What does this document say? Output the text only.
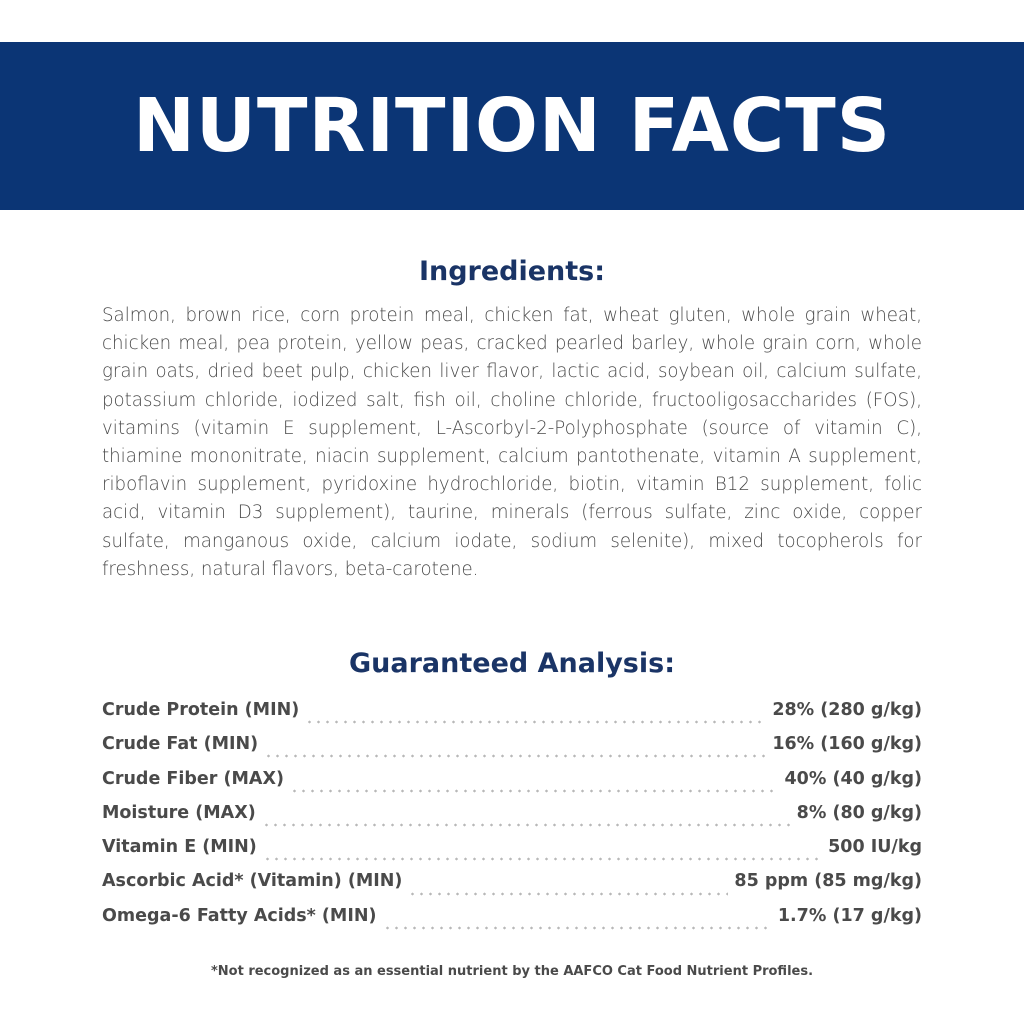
NUTRITION FACTS
Ingredients:
Salmon, brown rice, corn protein meal, chicken fat, wheat gluten, whole grain wheat, chicken meal, pea protein, yellow peas, cracked pearled barley, whole grain corn, whole grain oats, dried beet pulp, chicken liver flavor, lactic acid, soybean oil, calcium sulfate, potassium chloride, iodized salt, fish oil, choline chloride, fructooligosaccharides (FOS), vitamins (vitamin E supplement, L-Ascorbyl-2-Polyphosphate (source of vitamin C), thiamine mononitrate, niacin supplement, calcium pantothenate, vitamin A supplement, riboflavin supplement, pyridoxine hydrochloride, biotin, vitamin B12 supplement, folic acid, vitamin D3 supplement), taurine, minerals (ferrous sulfate, zinc oxide, copper sulfate, manganous oxide, calcium iodate, sodium selenite), mixed tocopherols for freshness, natural flavors, beta-carotene.
Guaranteed Analysis:
Crude Protein (MIN)	28% (280 g/kg)
Crude Fat (MIN)	16% (160 g/kg)
Crude Fiber (MAX)	40% (40 g/kg)
Moisture (MAX)	8% (80 g/kg)
Vitamin E (MIN)	500 IU/kg
Ascorbic Acid* (Vitamin) (MIN)	85 ppm (85 mg/kg)
Omega-6 Fatty Acids* (MIN)	1.7% (17 g/kg)
*Not recognized as an essential nutrient by the AAFCO Cat Food Nutrient Profiles.
